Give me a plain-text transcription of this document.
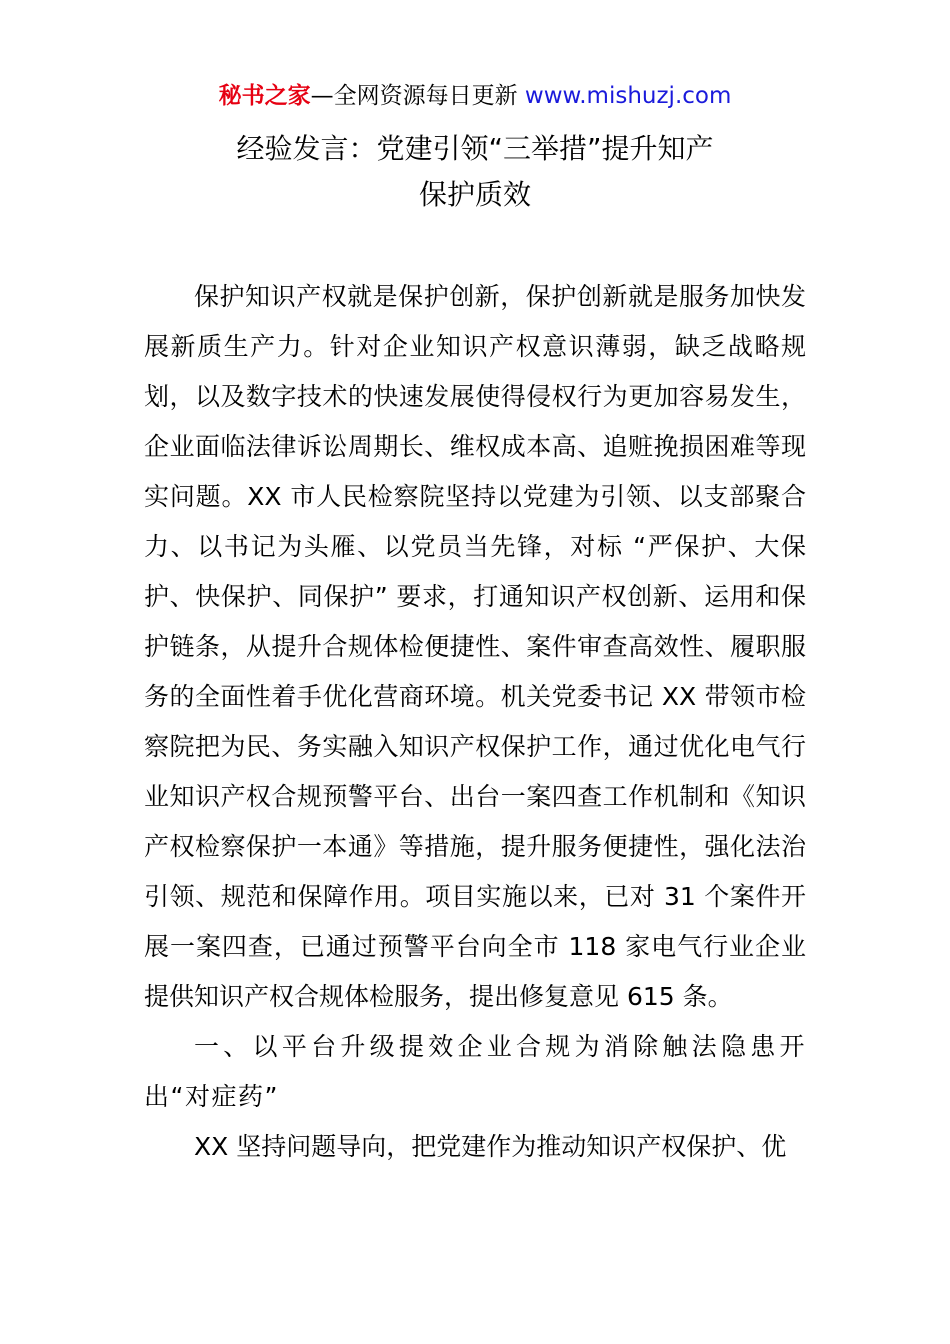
秘书之家—全网资源每日更新 www.mishuzj.com
经验发言：党建引领“三举措”提升知产
保护质效

保护知识产权就是保护创新，保护创新就是服务加快发展新质生产力。针对企业知识产权意识薄弱，缺乏战略规划，以及数字技术的快速发展使得侵权行为更加容易发生，企业面临法律诉讼周期长、维权成本高、追赃挽损困难等现实问题。XX 市人民检察院坚持以党建为引领、以支部聚合力、以书记为头雁、以党员当先锋，对标 “严保护、大保护、快保护、同保护” 要求，打通知识产权创新、运用和保护链条，从提升合规体检便捷性、案件审查高效性、履职服务的全面性着手优化营商环境。机关党委书记 XX 带领市检察院把为民、务实融入知识产权保护工作，通过优化电气行业知识产权合规预警平台、出台一案四查工作机制和《知识产权检察保护一本通》等措施，提升服务便捷性，强化法治引领、规范和保障作用。项目实施以来，已对 31 个案件开展一案四查，已通过预警平台向全市 118 家电气行业企业提供知识产权合规体检服务，提出修复意见 615 条。

一、以平台升级提效企业合规为消除触法隐患开出“对症药”

XX 坚持问题导向，把党建作为推动知识产权保护、优
